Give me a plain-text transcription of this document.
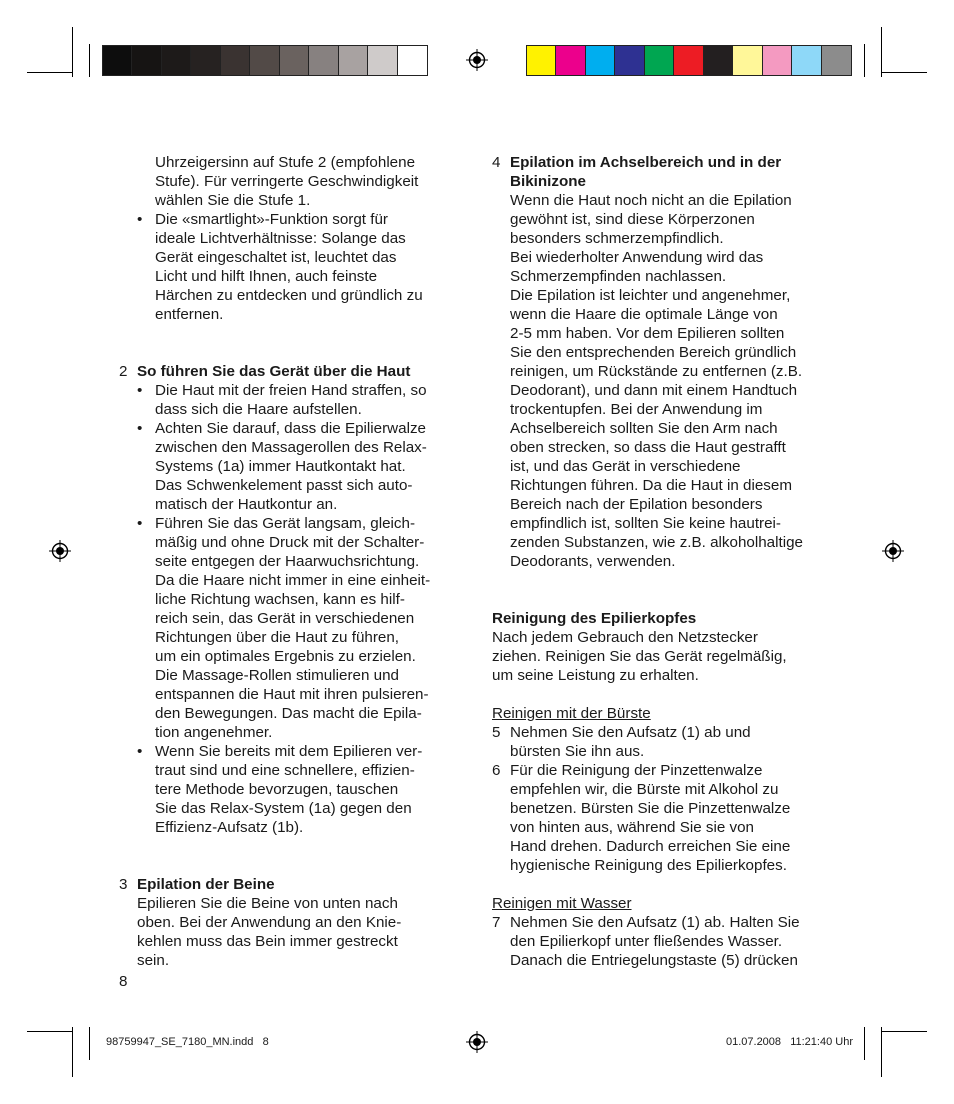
Uhrzeigersinn auf Stufe 2 (empfohlene
Stufe). Für verringerte Geschwindigkeit
wählen Sie die Stufe 1.
• Die «smartlight»-Funktion sorgt für
ideale Lichtverhältnisse: Solange das
Gerät eingeschaltet ist, leuchtet das
Licht und hilft Ihnen, auch feinste
Härchen zu entdecken und gründlich zu
entfernen.
2 So führen Sie das Gerät über die Haut
• Die Haut mit der freien Hand straffen, so
dass sich die Haare aufstellen.
• Achten Sie darauf, dass die Epilierwalze
zwischen den Massagerollen des Relax-
Systems (1a) immer Hautkontakt hat.
Das Schwenkelement passt sich auto-
matisch der Hautkontur an.
• Führen Sie das Gerät langsam, gleich-
mäßig und ohne Druck mit der Schalter-
seite entgegen der Haarwuchsrichtung.
Da die Haare nicht immer in eine einheit-
liche Richtung wachsen, kann es hilf-
reich sein, das Gerät in verschiedenen
Richtungen über die Haut zu führen,
um ein optimales Ergebnis zu erzielen.
Die Massage-Rollen stimulieren und
entspannen die Haut mit ihren pulsieren-
den Bewegungen. Das macht die Epila-
tion angenehmer.
• Wenn Sie bereits mit dem Epilieren ver-
traut sind und eine schnellere, effizien-
tere Methode bevorzugen, tauschen
Sie das Relax-System (1a) gegen den
Effizienz-Aufsatz (1b).
3 Epilation der Beine
Epilieren Sie die Beine von unten nach
oben. Bei der Anwendung an den Knie-
kehlen muss das Bein immer gestreckt
sein.
8
4 Epilation im Achselbereich und in der
Bikinizone
Wenn die Haut noch nicht an die Epilation
gewöhnt ist, sind diese Körperzonen
besonders schmerzempfindlich.
Bei wiederholter Anwendung wird das
Schmerzempfinden nachlassen.
Die Epilation ist leichter und angenehmer,
wenn die Haare die optimale Länge von
2-5 mm haben. Vor dem Epilieren sollten
Sie den entsprechenden Bereich gründlich
reinigen, um Rückstände zu entfernen (z.B.
Deodorant), und dann mit einem Handtuch
trockentupfen. Bei der Anwendung im
Achselbereich sollten Sie den Arm nach
oben strecken, so dass die Haut gestrafft
ist, und das Gerät in verschiedene
Richtungen führen. Da die Haut in diesem
Bereich nach der Epilation besonders
empfindlich ist, sollten Sie keine hautrei-
zenden Substanzen, wie z.B. alkoholhaltige
Deodorants, verwenden.
Reinigung des Epilierkopfes
Nach jedem Gebrauch den Netzstecker
ziehen. Reinigen Sie das Gerät regelmäßig,
um seine Leistung zu erhalten.
Reinigen mit der Bürste
5 Nehmen Sie den Aufsatz (1) ab und
bürsten Sie ihn aus.
6 Für die Reinigung der Pinzettenwalze
empfehlen wir, die Bürste mit Alkohol zu
benetzen. Bürsten Sie die Pinzettenwalze
von hinten aus, während Sie sie von
Hand drehen. Dadurch erreichen Sie eine
hygienische Reinigung des Epilierkopfes.
Reinigen mit Wasser
7 Nehmen Sie den Aufsatz (1) ab. Halten Sie
den Epilierkopf unter fließendes Wasser.
Danach die Entriegelungstaste (5) drücken
98759947_SE_7180_MN.indd   8	01.07.2008   11:21:40 Uhr
